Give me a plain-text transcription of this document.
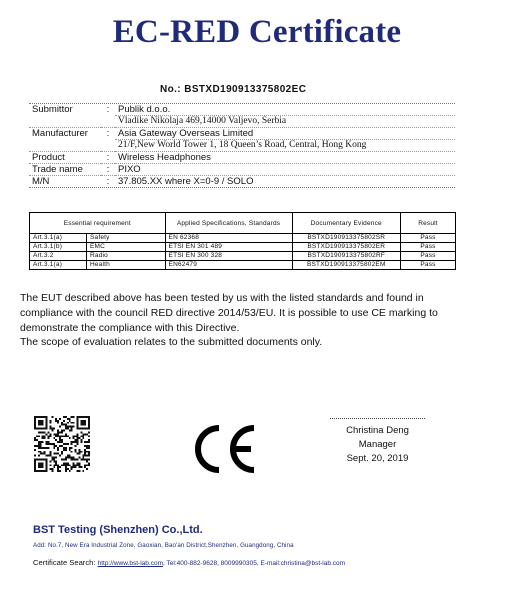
EC-RED Certificate
No.: BSTXD190913375802EC
Submittor	:	Publik d.o.o.
		Vladike Nikolaja 469,14000 Valjevo, Serbia
Manufacturer	:	Asia Gateway Overseas Limited
		21/F,New World Tower 1, 18 Queen’s Road, Central, Hong Kong
Product	:	Wireless Headphones
Trade name	:	PIXO
M/N	:	37.805.XX where X=0-9 / SOLO
Essential requirement		Applied Specifications, Standards	Documentary Evidence	Result
Art.3.1(a)	Safety	EN 62368	BSTXD190913375802SR	Pass
Art.3.1(b)	EMC	ETSI EN 301 489	BSTXD190913375802ER	Pass
Art.3.2	Radio	ETSI EN 300 328	BSTXD190913375802RF	Pass
Art.3.1(a)	Health	EN62479	BSTXD190913375802EM	Pass

The EUT described above has been tested by us with the listed standards and found in

compliance with the council RED directive 2014/53/EU. It is possible to use CE marking to

demonstrate the compliance with this Directive.

The scope of evaluation relates to the submitted documents only.

Christina Deng
Manager
Sept. 20, 2019
BST Testing (Shenzhen) Co.,Ltd.
Add: No.7, New Era Industrial Zone, Gaoxian, Bao'an District,Shenzhen, Guangdong, China
Certificate Search: http://www.bst-lab.com, Tel:400-882-9628, 8009990305, E-mail:christina@bst-lab.com
